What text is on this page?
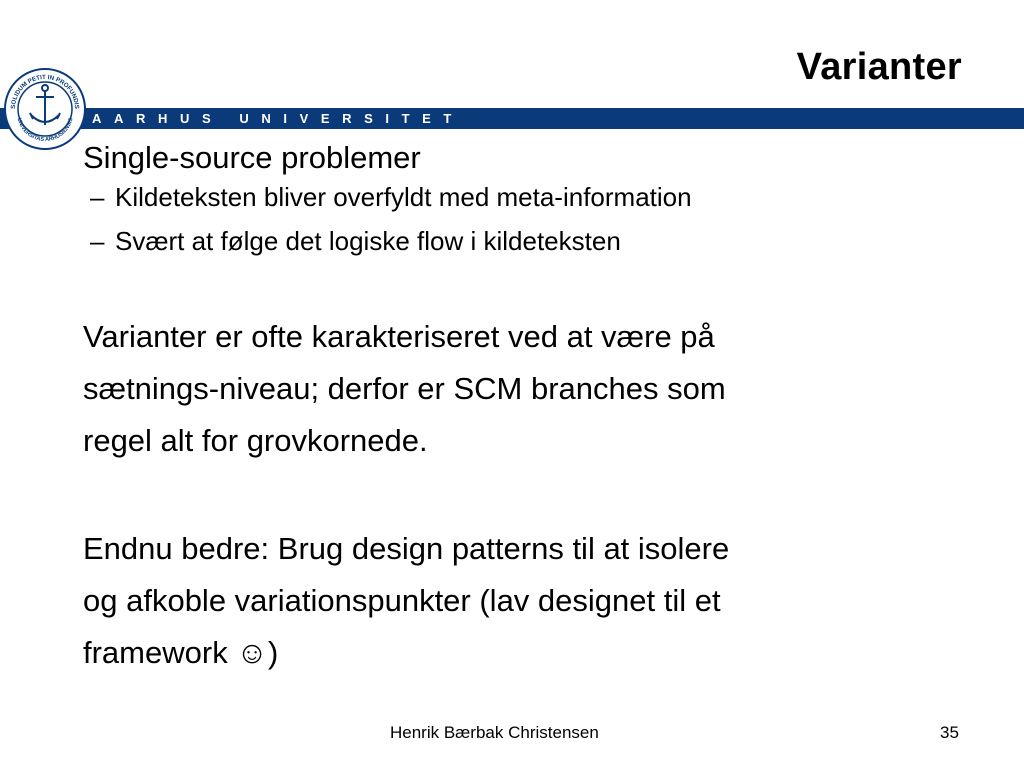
Varianter
AARHUS UNIVERSITET
SOLIDUM PETIT IN PROFUNDIS
UNIVERSITAS ARHUSIENSIS

Single-source problemer

– Kildeteksten bliver overfyldt med meta-information

– Svært at følge det logiske flow i kildeteksten

Varianter er ofte karakteriseret ved at være på

sætnings-niveau; derfor er SCM branches som

regel alt for grovkornede.

Endnu bedre: Brug design patterns til at isolere

og afkoble variationspunkter (lav designet til et

framework ☺)

Henrik Bærbak Christensen	35
